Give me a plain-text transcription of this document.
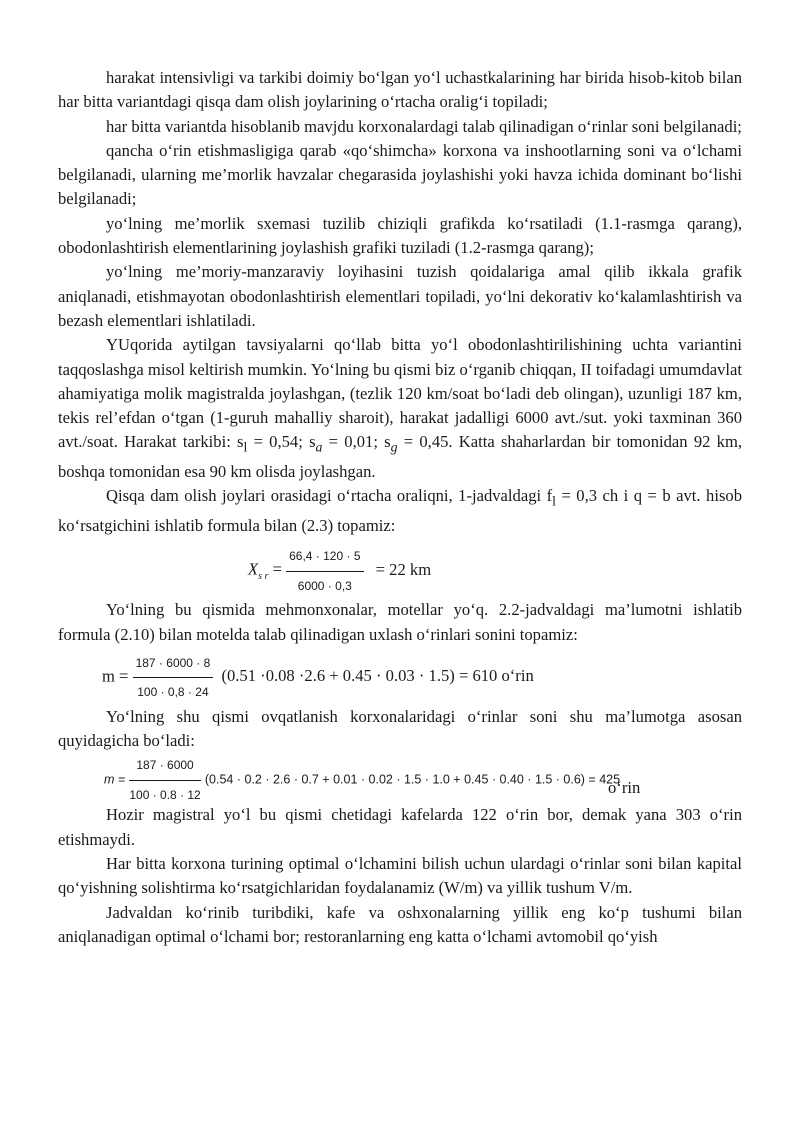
harakat intensivligi va tarkibi doimiy bo‘lgan yo‘l uchastkalarining har birida hisob-kitob bilan har bitta variantdagi qisqa dam olish joylarining o‘rtacha oralig‘i topiladi;

har bitta variantda hisoblanib mavjdu korxonalardagi talab qilinadigan o‘rinlar soni belgilanadi;

qancha o‘rin etishmasligiga qarab «qo‘shimcha» korxona va inshootlarning soni va o‘lchami belgilanadi, ularning me’morlik havzalar chegarasida joylashishi yoki havza ichida dominant bo‘lishi belgilanadi;

yo‘lning me’morlik sxemasi tuzilib chiziqli grafikda ko‘rsatiladi (1.1-rasmga qarang), obodonlashtirish elementlarining joylashish grafiki tuziladi (1.2-rasmga qarang);

yo‘lning me’moriy-manzaraviy loyihasini tuzish qoidalariga amal qilib ikkala grafik aniqlanadi, etishmayotan obodonlashtirish elementlari topiladi, yo‘lni dekorativ ko‘kalamlashtirish va bezash elementlari ishlatiladi.

YUqorida aytilgan tavsiyalarni qo‘llab bitta yo‘l obodonlashtirilishining uchta variantini taqqoslashga misol keltirish mumkin. Yo‘lning bu qismi biz o‘rganib chiqqan, II toifadagi umumdavlat ahamiyatiga molik magistralda joylashgan, (tezlik 120 km/soat bo‘ladi deb olingan), uzunligi 187 km, tekis rel’efdan o‘tgan (1-guruh mahalliy sharoit), harakat jadalligi 6000 avt./sut. yoki taxminan 360 avt./soat. Harakat tarkibi: $s_l = 0,54$; $s_a = 0,01$; $s_g = 0,45$. Katta shaharlardan bir tomonidan 92 km, boshqa tomonidan esa 90 km olisda joylashgan.

Qisqa dam olish joylari orasidagi o‘rtacha oraliqni, 1-jadvaldagi $f_l = 0,3$ ch i q = b avt. hisob ko‘rsatgichini ishlatib formula bilan (2.3) topamiz:

$X_{s r} = \frac{66,4 \cdot 120 \cdot 5}{6000 \cdot 0,3} = 22$ km

Yo‘lning bu qismida mehmonxonalar, motellar yo‘q. 2.2-jadvaldagi ma’lumotni ishlatib formula (2.10) bilan motelda talab qilinadigan uxlash o‘rinlari sonini topamiz:

$m = \frac{187 \cdot 6000 \cdot 8}{100 \cdot 0,8 \cdot 24} (0.51 \cdot 0.08 \cdot 2.6 + 0.45 \cdot 0.03 \cdot 1.5) = 610$ o‘rin

Yo‘lning shu qismi ovqatlanish korxonalaridagi o‘rinlar soni shu ma’lumotga asosan quyidagicha bo‘ladi:

$m = \frac{187 \cdot 6000}{100 \cdot 0.8 \cdot 12} (0.54 \cdot 0.2 \cdot 2.6 \cdot 0.7 + 0.01 \cdot 0.02 \cdot 1.5 \cdot 1.0 + 0.45 \cdot 0.40 \cdot 1.5 \cdot 0.6) = 425$
o‘rin

Hozir magistral yo‘l bu qismi chetidagi kafelarda 122 o‘rin bor, demak yana 303 o‘rin etishmaydi.

Har bitta korxona turining optimal o‘lchamini bilish uchun ulardagi o‘rinlar soni bilan kapital qo‘yishning solishtirma ko‘rsatgichlaridan foydalanamiz (W/m) va yillik tushum V/m.

Jadvaldan ko‘rinib turibdiki, kafe va oshxonalarning yillik eng ko‘p tushumi bilan aniqlanadigan optimal o‘lchami bor; restoranlarning eng katta o‘lchami avtomobil qo‘yish
